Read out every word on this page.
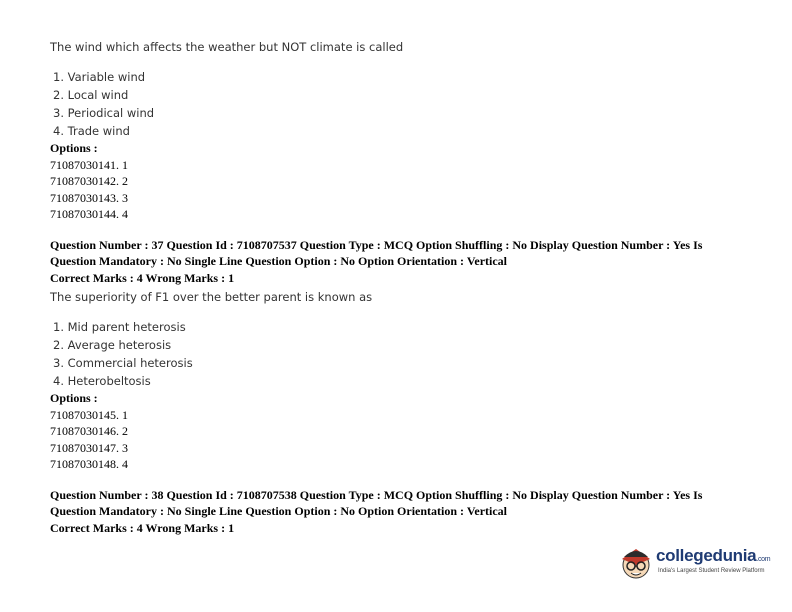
The wind which affects the weather but NOT climate is called

1. Variable wind
2. Local wind
3. Periodical wind
4. Trade wind

Options :

71087030141. 1

71087030142. 2

71087030143. 3

71087030144. 4

Question Number : 37 Question Id : 7108707537 Question Type : MCQ Option Shuffling : No Display Question Number : Yes Is

Question Mandatory : No Single Line Question Option : No Option Orientation : Vertical

Correct Marks : 4 Wrong Marks : 1

The superiority of F1 over the better parent is known as

1. Mid parent heterosis
2. Average heterosis
3. Commercial heterosis
4. Heterobeltosis

Options :

71087030145. 1

71087030146. 2

71087030147. 3

71087030148. 4

Question Number : 38 Question Id : 7108707538 Question Type : MCQ Option Shuffling : No Display Question Number : Yes Is

Question Mandatory : No Single Line Question Option : No Option Orientation : Vertical

Correct Marks : 4 Wrong Marks : 1

collegedunia.com
India's Largest Student Review Platform
